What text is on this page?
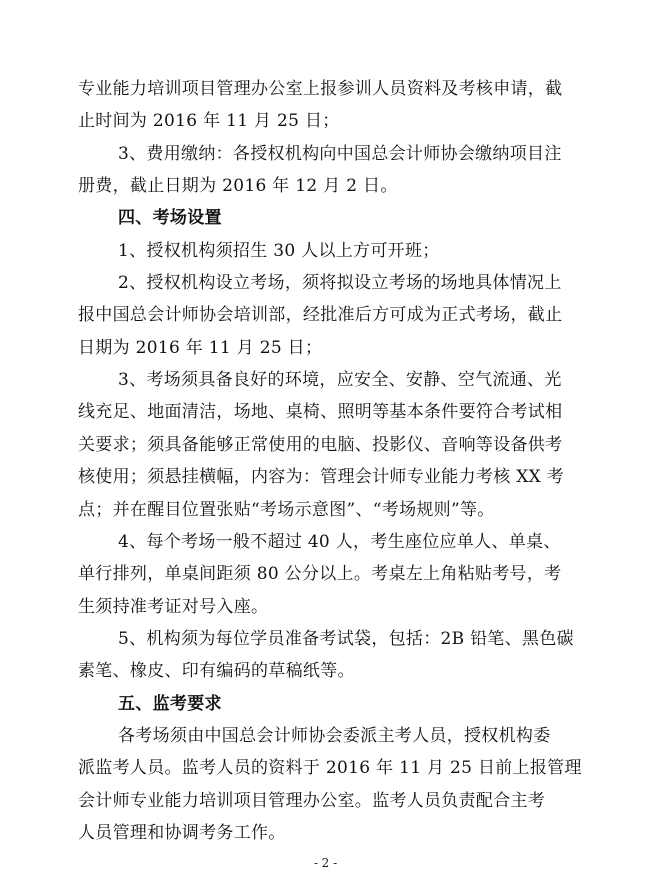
专业能力培训项目管理办公室上报参训人员资料及考核申请，截
止时间为 2016 年 11 月 25 日；
3、费用缴纳：各授权机构向中国总会计师协会缴纳项目注
册费，截止日期为 2016 年 12 月 2 日。
四、考场设置
1、授权机构须招生 30 人以上方可开班；
2、授权机构设立考场，须将拟设立考场的场地具体情况上
报中国总会计师协会培训部，经批准后方可成为正式考场，截止
日期为 2016 年 11 月 25 日；
3、考场须具备良好的环境，应安全、安静、空气流通、光
线充足、地面清洁，场地、桌椅、照明等基本条件要符合考试相
关要求；须具备能够正常使用的电脑、投影仪、音响等设备供考
核使用；须悬挂横幅，内容为：管理会计师专业能力考核 XX 考
点；并在醒目位置张贴“考场示意图”、“考场规则”等。
4、每个考场一般不超过 40 人，考生座位应单人、单桌、
单行排列，单桌间距须 80 公分以上。考桌左上角粘贴考号，考
生须持准考证对号入座。
5、机构须为每位学员准备考试袋，包括：2B 铅笔、黑色碳
素笔、橡皮、印有编码的草稿纸等。
五、监考要求
各考场须由中国总会计师协会委派主考人员，授权机构委
派监考人员。监考人员的资料于 2016 年 11 月 25 日前上报管理
会计师专业能力培训项目管理办公室。监考人员负责配合主考
人员管理和协调考务工作。
- 2 -
